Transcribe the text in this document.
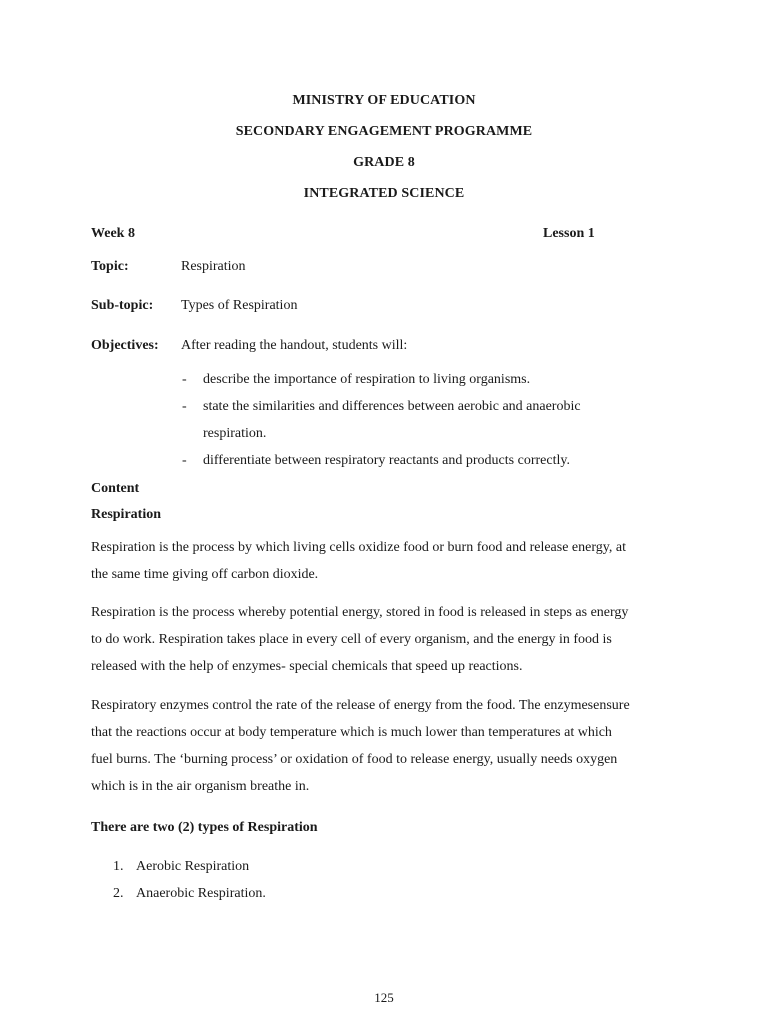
MINISTRY OF EDUCATION
SECONDARY ENGAGEMENT PROGRAMME
GRADE 8
INTEGRATED SCIENCE
Week 8	Lesson 1
Topic:	Respiration
Sub-topic: Types of Respiration
Objectives: After reading the handout, students will:
- describe the importance of respiration to living organisms.
- state the similarities and differences between aerobic and anaerobic
respiration.
- differentiate between respiratory reactants and products correctly.
Content
Respiration
Respiration is the process by which living cells oxidize food or burn food and release energy, at
the same time giving off carbon dioxide.
Respiration is the process whereby potential energy, stored in food is released in steps as energy
to do work. Respiration takes place in every cell of every organism, and the energy in food is
released with the help of enzymes- special chemicals that speed up reactions.
Respiratory enzymes control the rate of the release of energy from the food. The enzymesensure
that the reactions occur at body temperature which is much lower than temperatures at which
fuel burns. The ‘burning process’ or oxidation of food to release energy, usually needs oxygen
which is in the air organism breathe in.
There are two (2) types of Respiration
1. Aerobic Respiration
2. Anaerobic Respiration.
125
